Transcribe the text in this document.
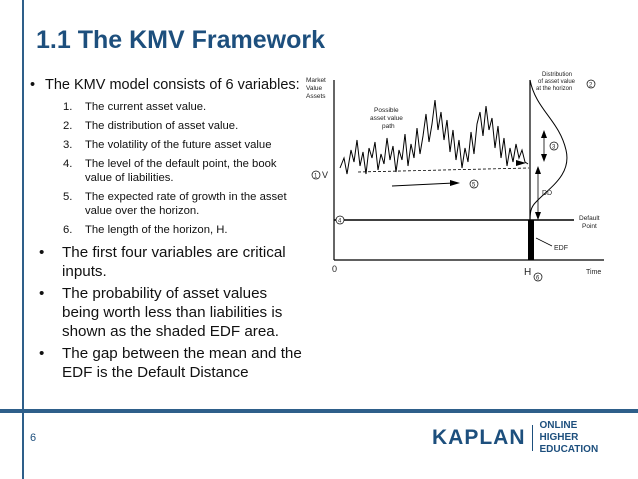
1.1 The KMV Framework
• The KMV model consists of 6 variables:
1.	The current asset value.
2.	The distribution of asset value.
3.	The volatility of the future asset value
4.	The level of the default point, the book value of liabilities.
5.	The expected rate of growth in the asset value over the horizon.
6.	The length of the horizon, H.
•	The first four variables are critical inputs.
•	The probability of asset values being worth less than liabilities is shown as the shaded EDF area.
•	The gap between the mean and the EDF is the Default Distance
Market
Value
Assets
Possible
asset value
path
Distribution
of asset value
at the horizon
2
Default
Point
EDF
DD
3
1 V
5
4
0	H
6
Time
6	KAPLAN
ONLINE
HIGHER EDUCATION
